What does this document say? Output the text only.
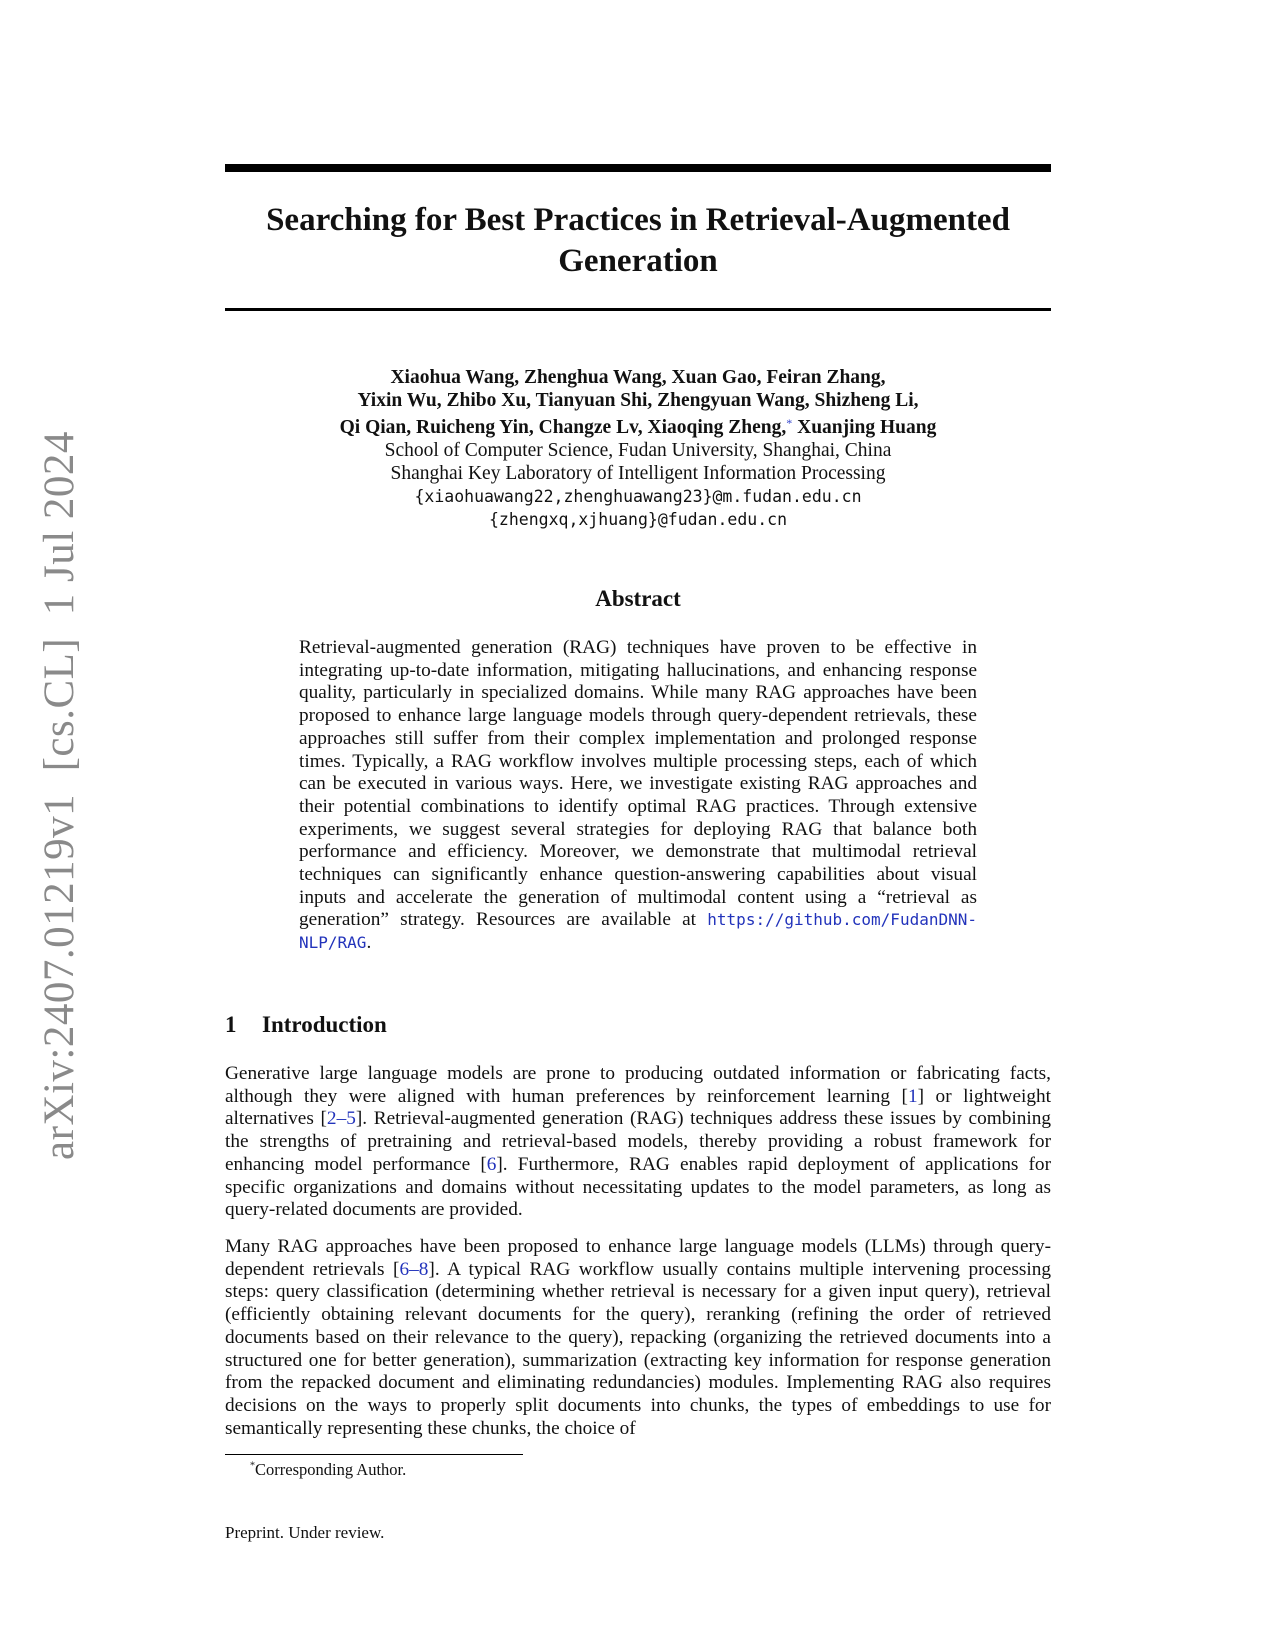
arXiv:2407.01219v1  [cs.CL]  1 Jul 2024
Searching for Best Practices in Retrieval-Augmented
Generation
Xiaohua Wang, Zhenghua Wang, Xuan Gao, Feiran Zhang,
Yixin Wu, Zhibo Xu, Tianyuan Shi, Zhengyuan Wang, Shizheng Li,
Qi Qian, Ruicheng Yin, Changze Lv, Xiaoqing Zheng,* Xuanjing Huang
School of Computer Science, Fudan University, Shanghai, China
Shanghai Key Laboratory of Intelligent Information Processing
{xiaohuawang22,zhenghuawang23}@m.fudan.edu.cn
{zhengxq,xjhuang}@fudan.edu.cn
Abstract

Retrieval-augmented generation (RAG) techniques have proven to be effective in integrating up-to-date information, mitigating hallucinations, and enhancing response quality, particularly in specialized domains. While many RAG approaches have been proposed to enhance large language models through query-dependent retrievals, these approaches still suffer from their complex implementation and prolonged response times. Typically, a RAG workflow involves multiple processing steps, each of which can be executed in various ways. Here, we investigate existing RAG approaches and their potential combinations to identify optimal RAG practices. Through extensive experiments, we suggest several strategies for deploying RAG that balance both performance and efficiency. Moreover, we demonstrate that multimodal retrieval techniques can significantly enhance question-answering capabilities about visual inputs and accelerate the generation of multimodal content using a “retrieval as generation” strategy. Resources are available at https://github.com/FudanDNN-NLP/RAG.

1 Introduction

Generative large language models are prone to producing outdated information or fabricating facts, although they were aligned with human preferences by reinforcement learning [1] or lightweight alternatives [2–5]. Retrieval-augmented generation (RAG) techniques address these issues by combining the strengths of pretraining and retrieval-based models, thereby providing a robust framework for enhancing model performance [6]. Furthermore, RAG enables rapid deployment of applications for specific organizations and domains without necessitating updates to the model parameters, as long as query-related documents are provided.

Many RAG approaches have been proposed to enhance large language models (LLMs) through query-dependent retrievals [6–8]. A typical RAG workflow usually contains multiple intervening processing steps: query classification (determining whether retrieval is necessary for a given input query), retrieval (efficiently obtaining relevant documents for the query), reranking (refining the order of retrieved documents based on their relevance to the query), repacking (organizing the retrieved documents into a structured one for better generation), summarization (extracting key information for response generation from the repacked document and eliminating redundancies) modules. Implementing RAG also requires decisions on the ways to properly split documents into chunks, the types of embeddings to use for semantically representing these chunks, the choice of

*Corresponding Author.

Preprint. Under review.
